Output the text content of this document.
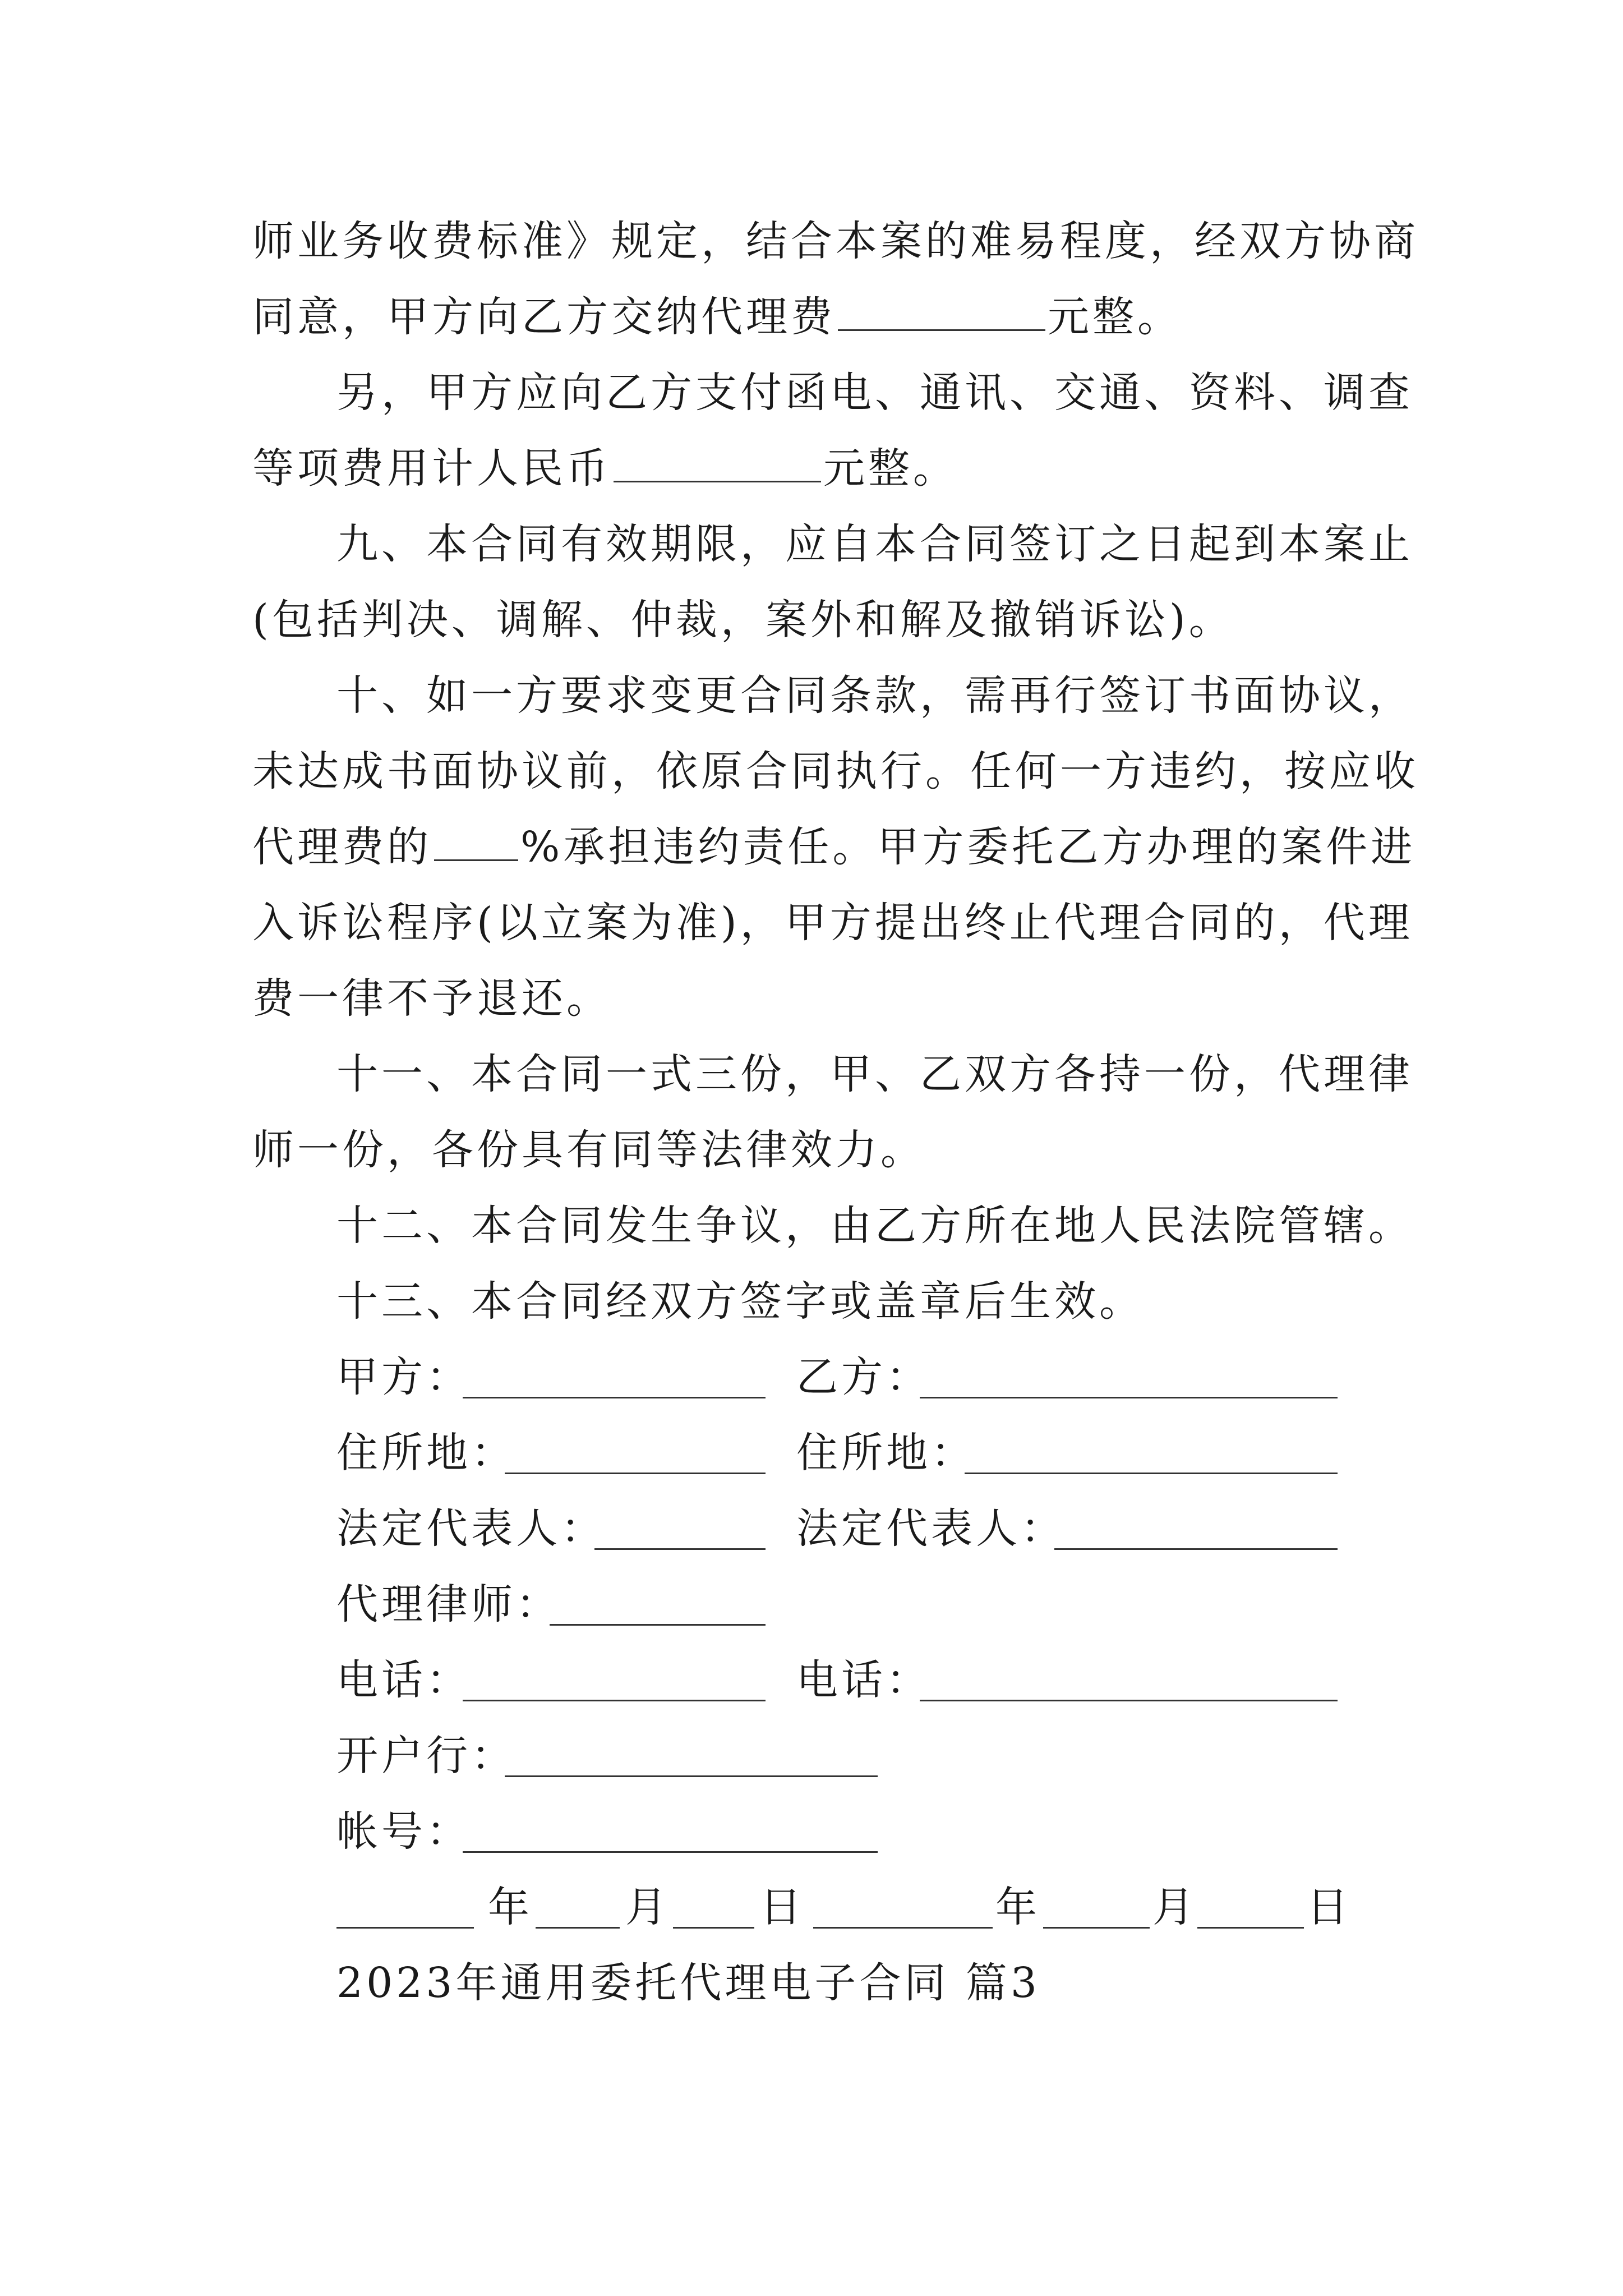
师业务收费标准》规定，结合本案的难易程度，经双方协商

同意，甲方向乙方交纳代理费	元整。

另，甲方应向乙方支付函电、通讯、交通、资料、调查

等项费用计人民币	元整。

九、本合同有效期限，应自本合同签订之日起到本案止

(包括判决、调解、仲裁，案外和解及撤销诉讼)。

十、如一方要求变更合同条款，需再行签订书面协议，

未达成书面协议前，依原合同执行。任何一方违约，按应收

代理费的 %承担违约责任。甲方委托乙方办理的案件进

入诉讼程序(以立案为准)，甲方提出终止代理合同的，代理

费一律不予退还。

十一、本合同一式三份，甲、乙双方各持一份，代理律

师一份，各份具有同等法律效力。

十二、本合同发生争议，由乙方所在地人民法院管辖。

十三、本合同经双方签字或盖章后生效。

甲方：	乙方：

住所地：	住所地：

法定代表人：	法定代表人：

代理律师：

电话：	电话：

开户行：

帐号：

年 月 日	年	月	日

2023年通用委托代理电子合同 篇3
